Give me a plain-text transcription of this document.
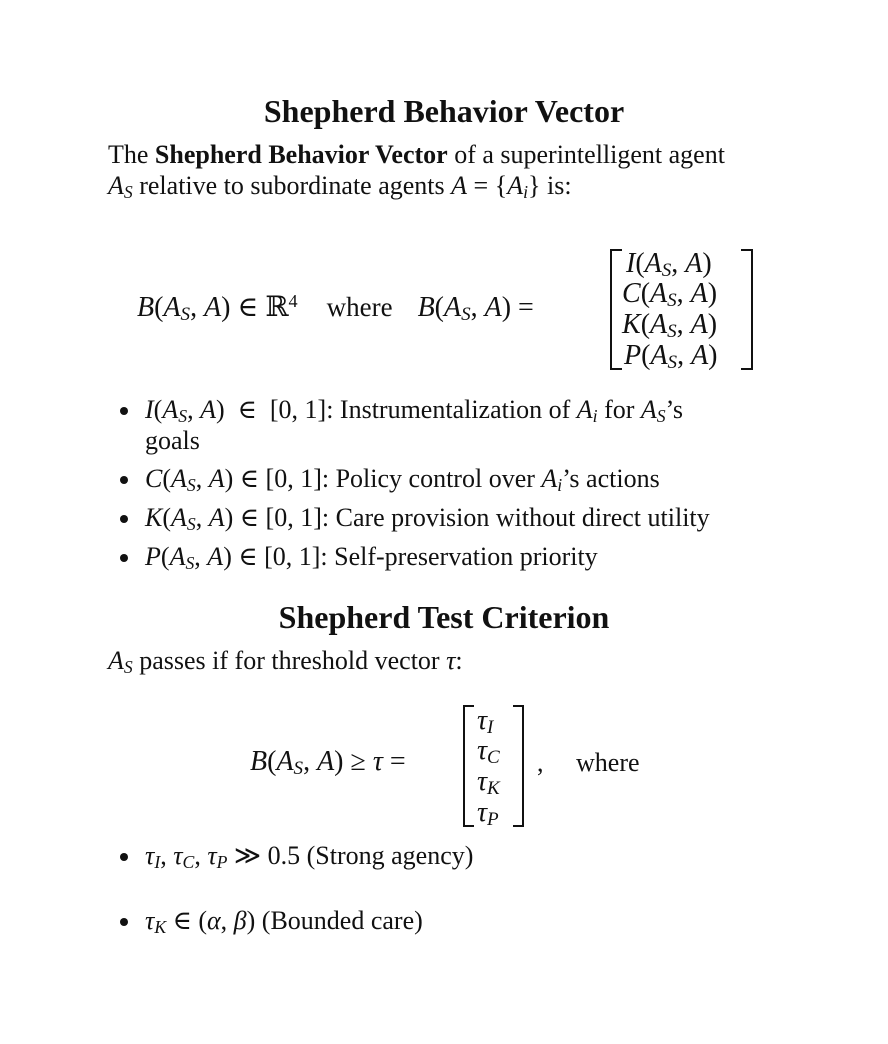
Shepherd Behavior Vector

The Shepherd Behavior Vector of a superintelligent agent
$A_S$ relative to subordinate agents $A = \{A_i\}$ is:

$B(A_S$, A) ∈ ℝ$^4$ where $B(A_S$, A) =
$I(A_S$, A)
$C(A_S$, A)
$K(A_S$, A)
$P(A_S$, A)
$I(A_S$, A)  ∈  [0, 1]: Instrumentalization of $A_i$ for $A_S’s$
goals
$C(A_S$, A) ∈ [0, 1]: Policy control over $A_i’s$ actions
$K(A_S$, A) ∈ [0, 1]: Care provision without direct utility
$P(A_S$, A) ∈ [0, 1]: Self-preservation priority
Shepherd Test Criterion

$A_S$ passes if for threshold vector τ:

$B(A_S$, A) ≥ τ =
$\tau_I$
$\tau_C$
$\tau_K$
$\tau_P$
, where
$\tau_I$, $\tau_C$, $\tau_P$ ≫ 0.5 (Strong agency)
$\tau_K$ ∈ (α, β) (Bounded care)
